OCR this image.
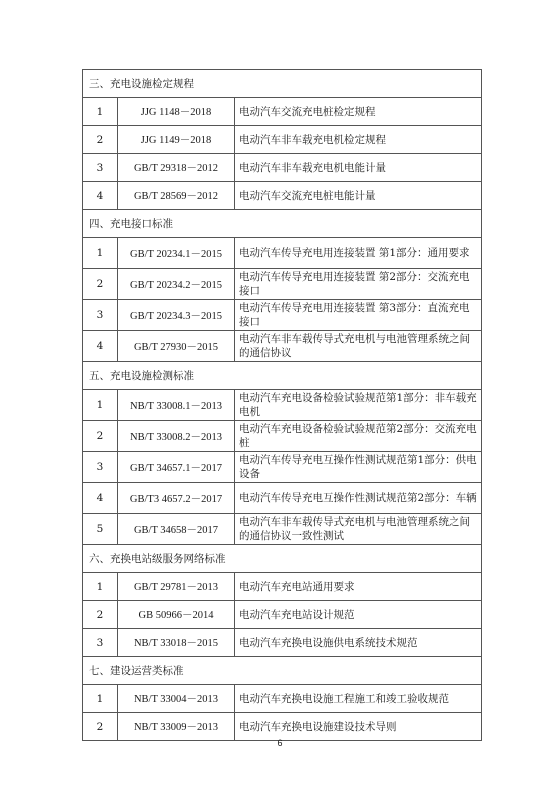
三、充电设施检定规程		
1	JJG 1148－2018	电动汽车交流充电桩检定规程
2	JJG 1149－2018	电动汽车非车载充电机检定规程
3	GB/T 29318－2012	电动汽车非车载充电机电能计量
4	GB/T 28569－2012	电动汽车交流充电桩电能计量
四、充电接口标准		
1	GB/T 20234.1－2015	电动汽车传导充电用连接装置 第1部分：通用要求
2	GB/T 20234.2－2015	电动汽车传导充电用连接装置 第2部分：交流充电接口
3	GB/T 20234.3－2015	电动汽车传导充电用连接装置 第3部分：直流充电接口
4	GB/T 27930－2015	电动汽车非车载传导式充电机与电池管理系统之间的通信协议
五、充电设施检测标准		
1	NB/T 33008.1－2013	电动汽车充电设备检验试验规范第1部分：非车载充电机
2	NB/T 33008.2－2013	电动汽车充电设备检验试验规范第2部分：交流充电桩
3	GB/T 34657.1－2017	电动汽车传导充电互操作性测试规范第1部分：供电设备
4	GB/T3 4657.2－2017	电动汽车传导充电互操作性测试规范第2部分：车辆
5	GB/T 34658－2017	电动汽车非车载传导式充电机与电池管理系统之间的通信协议一致性测试
六、充换电站级服务网络标准		
1	GB/T 29781－2013	电动汽车充电站通用要求
2	GB 50966－2014	电动汽车充电站设计规范
3	NB/T 33018－2015	电动汽车充换电设施供电系统技术规范
七、建设运营类标准		
1	NB/T 33004－2013	电动汽车充换电设施工程施工和竣工验收规范
2	NB/T 33009－2013	电动汽车充换电设施建设技术导则
6
